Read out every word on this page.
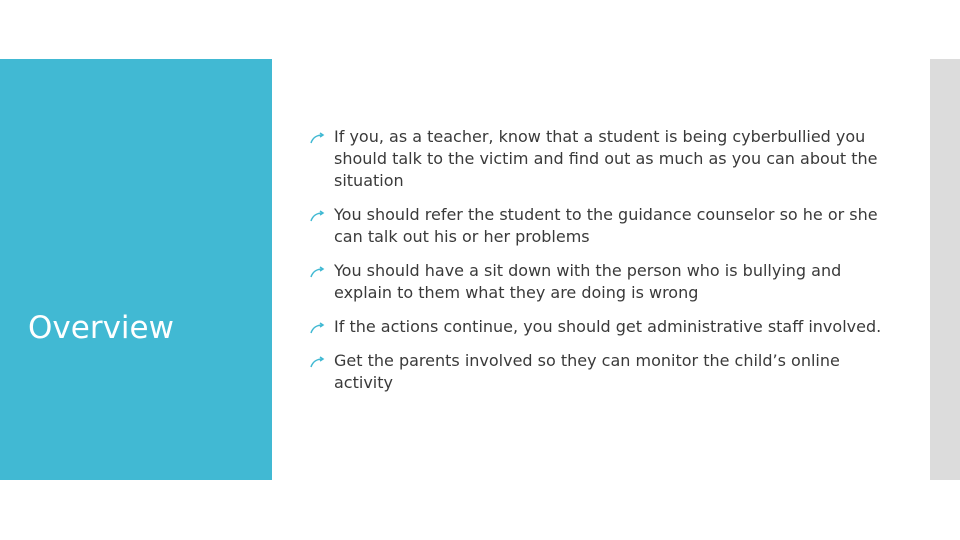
Overview
If you, as a teacher, know that a student is being cyberbullied you should talk to the victim and find out as much as you can about the situation
You should refer the student to the guidance counselor so he or she can talk out his or her problems
You should have a sit down with the person who is bullying and explain to them what they are doing is wrong
If the actions continue, you should get administrative staff involved.
Get the parents involved so they can monitor the child’s online activity
